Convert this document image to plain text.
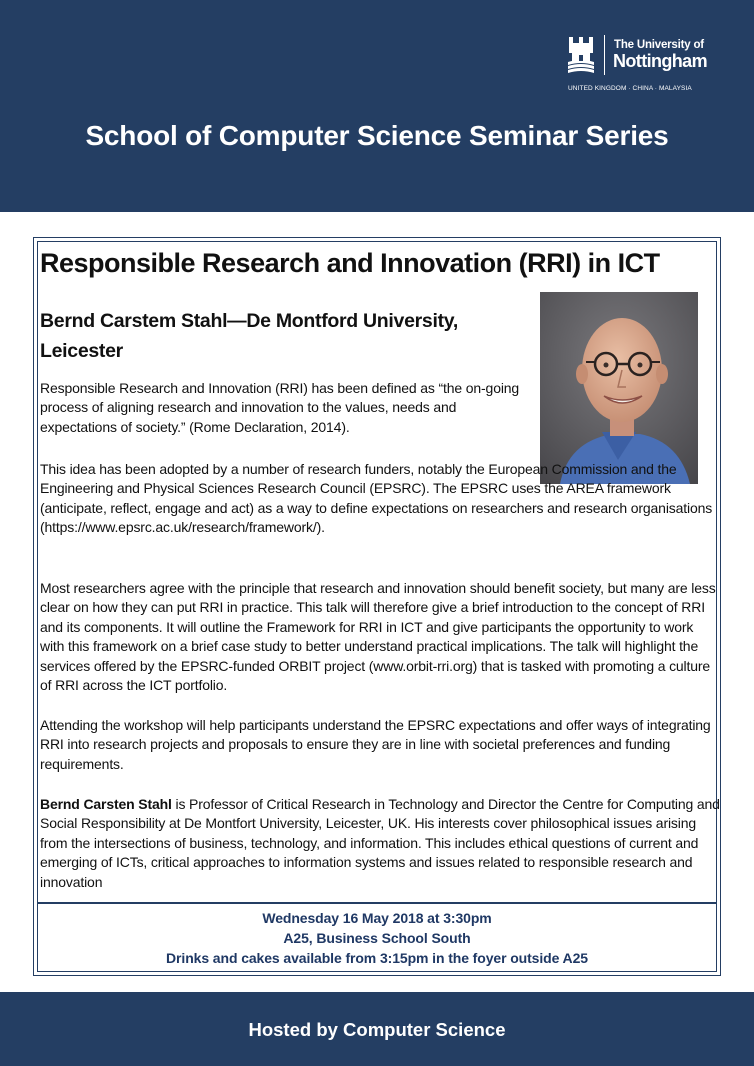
The University of
Nottingham
UNITED KINGDOM · CHINA · MALAYSIA
School of Computer Science Seminar Series
Responsible Research and Innovation (RRI) in ICT
Bernd Carstem Stahl—De Montford University,
Leicester

Responsible Research and Innovation (RRI) has been defined as “the on-going process of aligning research and innovation to the values, needs and expectations of society.” (Rome Declaration, 2014).

This idea has been adopted by a number of research funders, notably the European Commission and the Engineering and Physical Sciences Research Council (EPSRC). The EPSRC uses the AREA framework (anticipate, reflect, engage and act) as a way to define expectations on researchers and research organisations (https://www.epsrc.ac.uk/research/framework/).

Most researchers agree with the principle that research and innovation should benefit society, but many are less clear on how they can put RRI in practice. This talk will therefore give a brief introduction to the concept of RRI and its components. It will outline the Framework for RRI in ICT and give participants the opportunity to work with this framework on a brief case study to better understand practical implications. The talk will highlight the services offered by the EPSRC-funded ORBIT project (www.orbit-rri.org) that is tasked with promoting a culture of RRI across the ICT portfolio.

Attending the workshop will help participants understand the EPSRC expectations and offer ways of integrating RRI into research projects and proposals to ensure they are in line with societal preferences and funding requirements.

Bernd Carsten Stahl is Professor of Critical Research in Technology and Director the Centre for Computing and Social Responsibility at De Montfort University, Leicester, UK. His interests cover philosophical issues arising from the intersections of business, technology, and information. This includes ethical questions of current and emerging of ICTs, critical approaches to information systems and issues related to responsible research and innovation

Wednesday 16 May 2018 at 3:30pm
A25, Business School South
Drinks and cakes available from 3:15pm in the foyer outside A25
Hosted by Computer Science
